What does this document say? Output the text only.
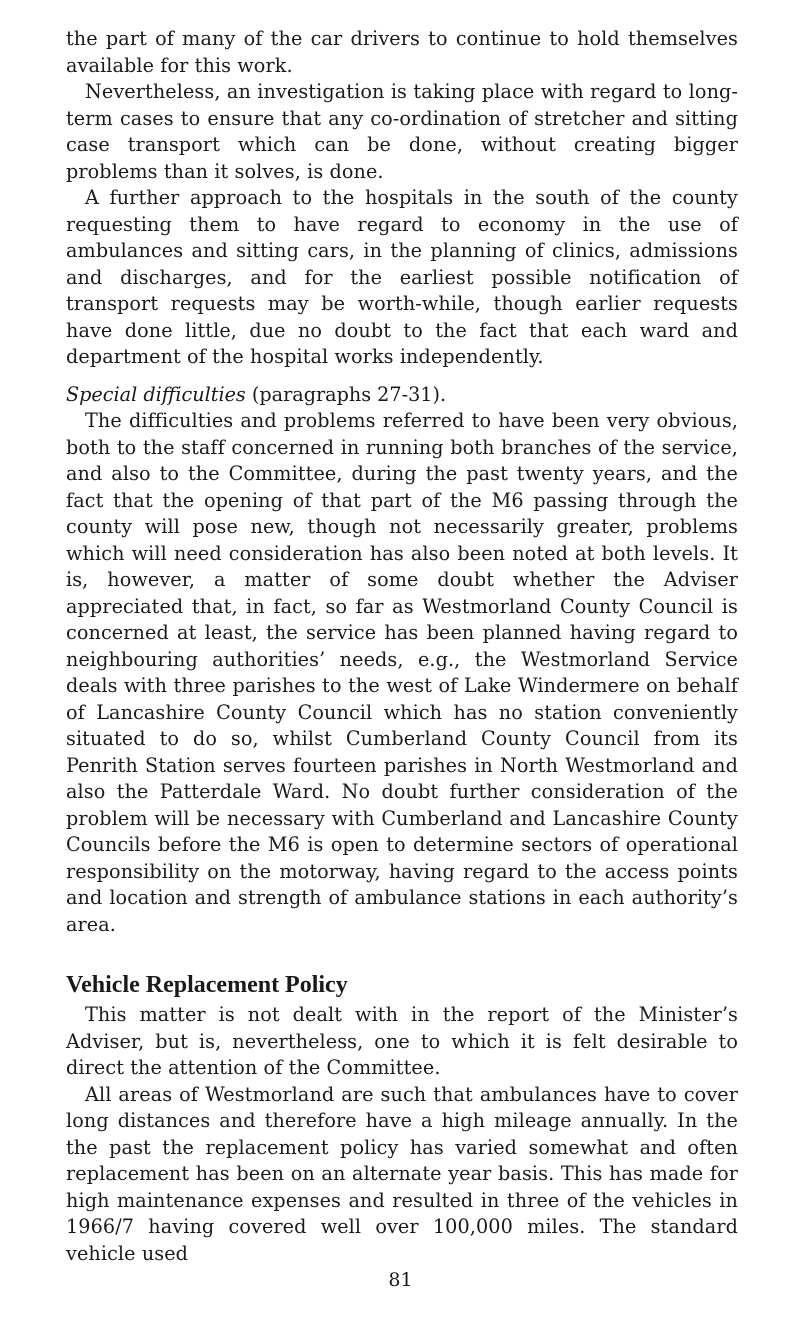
the part of many of the car drivers to continue to hold themselves available for this work.

Nevertheless, an investigation is taking place with regard to long-term cases to ensure that any co-ordination of stretcher and sitting case transport which can be done, without creating bigger problems than it solves, is done.

A further approach to the hospitals in the south of the county requesting them to have regard to economy in the use of ambulances and sitting cars, in the planning of clinics, admissions and discharges, and for the earliest possible notification of transport requests may be worth-while, though earlier requests have done little, due no doubt to the fact that each ward and department of the hospital works independently.

Special difficulties (paragraphs 27-31).

The difficulties and problems referred to have been very obvious, both to the staff concerned in running both branches of the service, and also to the Committee, during the past twenty years, and the fact that the opening of that part of the M6 passing through the county will pose new, though not necessarily greater, problems which will need consideration has also been noted at both levels. It is, however, a matter of some doubt whether the Adviser appreciated that, in fact, so far as Westmorland County Council is concerned at least, the service has been planned having regard to neighbouring authorities’ needs, e.g., the Westmorland Service deals with three parishes to the west of Lake Windermere on behalf of Lancashire County Council which has no station conveniently situated to do so, whilst Cumberland County Council from its Penrith Station serves fourteen parishes in North Westmorland and also the Patterdale Ward. No doubt further consideration of the problem will be necessary with Cumberland and Lancashire County Councils before the M6 is open to determine sectors of operational responsibility on the motorway, having regard to the access points and location and strength of ambulance stations in each authority’s area.

Vehicle Replacement Policy

This matter is not dealt with in the report of the Minister’s Adviser, but is, nevertheless, one to which it is felt desirable to direct the attention of the Committee.

All areas of Westmorland are such that ambulances have to cover long distances and therefore have a high mileage annually. In the the past the replacement policy has varied somewhat and often replacement has been on an alternate year basis. This has made for high maintenance expenses and resulted in three of the vehicles in 1966/7 having covered well over 100,000 miles. The standard vehicle used

81
